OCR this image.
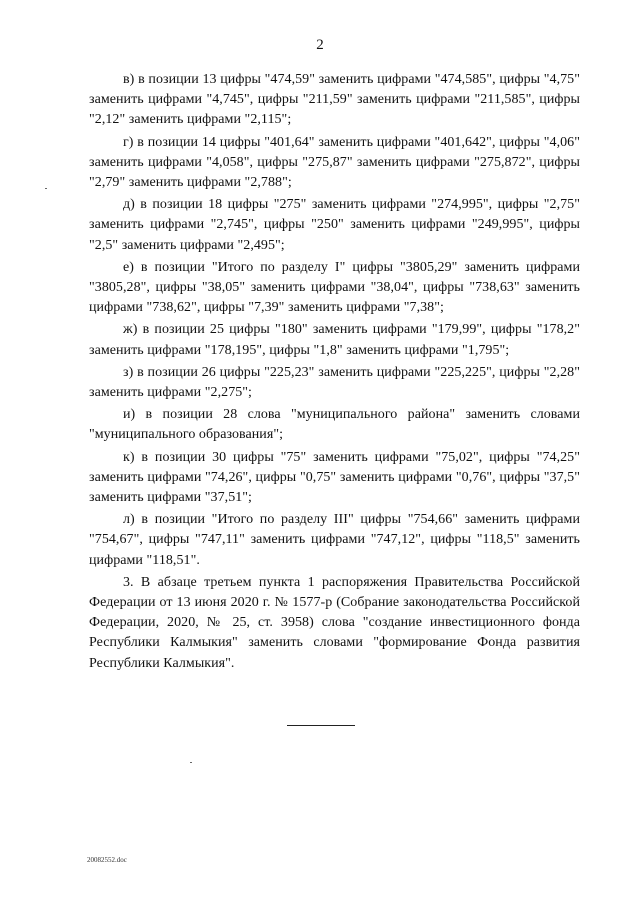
2

в) в позиции 13 цифры "474,59" заменить цифрами "474,585", цифры "4,75" заменить цифрами "4,745", цифры "211,59" заменить цифрами "211,585", цифры "2,12" заменить цифрами "2,115";

г) в позиции 14 цифры "401,64" заменить цифрами "401,642", цифры "4,06" заменить цифрами "4,058", цифры "275,87" заменить цифрами "275,872", цифры "2,79" заменить цифрами "2,788";

д) в позиции 18 цифры "275" заменить цифрами "274,995", цифры "2,75" заменить цифрами "2,745", цифры "250" заменить цифрами "249,995", цифры "2,5" заменить цифрами "2,495";

е) в позиции "Итого по разделу I" цифры "3805,29" заменить цифрами "3805,28", цифры "38,05" заменить цифрами "38,04", цифры "738,63" заменить цифрами "738,62", цифры "7,39" заменить цифрами "7,38";

ж) в позиции 25 цифры "180" заменить цифрами "179,99", цифры "178,2" заменить цифрами "178,195", цифры "1,8" заменить цифрами "1,795";

з) в позиции 26 цифры "225,23" заменить цифрами "225,225", цифры "2,28" заменить цифрами "2,275";

и) в позиции 28 слова "муниципального района" заменить словами "муниципального образования";

к) в позиции 30 цифры "75" заменить цифрами "75,02", цифры "74,25" заменить цифрами "74,26", цифры "0,75" заменить цифрами "0,76", цифры "37,5" заменить цифрами "37,51";

л) в позиции "Итого по разделу III" цифры "754,66" заменить цифрами "754,67", цифры "747,11" заменить цифрами "747,12", цифры "118,5" заменить цифрами "118,51".

3. В абзаце третьем пункта 1 распоряжения Правительства Российской Федерации от 13 июня 2020 г. № 1577-р (Собрание законодательства Российской Федерации, 2020, № 25, ст. 3958) слова "создание инвестиционного фонда Республики Калмыкия" заменить словами "формирование Фонда развития Республики Калмыкия".

20082552.doc
